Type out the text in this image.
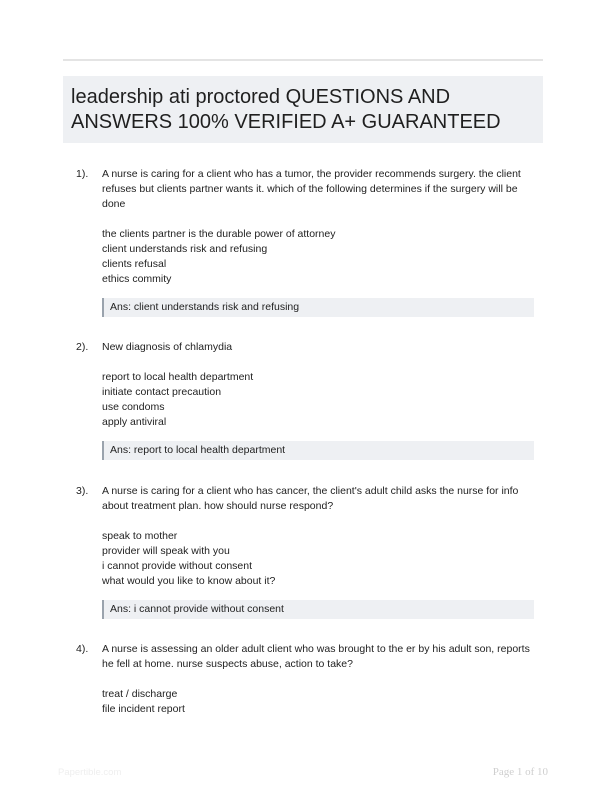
leadership ati proctored QUESTIONS AND ANSWERS 100% VERIFIED A+ GUARANTEED
1). A nurse is caring for a client who has a tumor, the provider recommends surgery. the client refuses but clients partner wants it. which of the following determines if the surgery will be done

the clients partner is the durable power of attorney
client understands risk and refusing
clients refusal
ethics commity
Ans: client understands risk and refusing
2). New diagnosis of chlamydia

report to local health department
initiate contact precaution
use condoms
apply antiviral
Ans: report to local health department
3). A nurse is caring for a client who has cancer, the client's adult child asks the nurse for info about treatment plan. how should nurse respond?

speak to mother
provider will speak with you
i cannot provide without consent
what would you like to know about it?
Ans: i cannot provide without consent
4). A nurse is assessing an older adult client who was brought to the er by his adult son, reports he fell at home. nurse suspects abuse, action to take?

treat / discharge
file incident report
Papertible.com	Page 1 of 10
